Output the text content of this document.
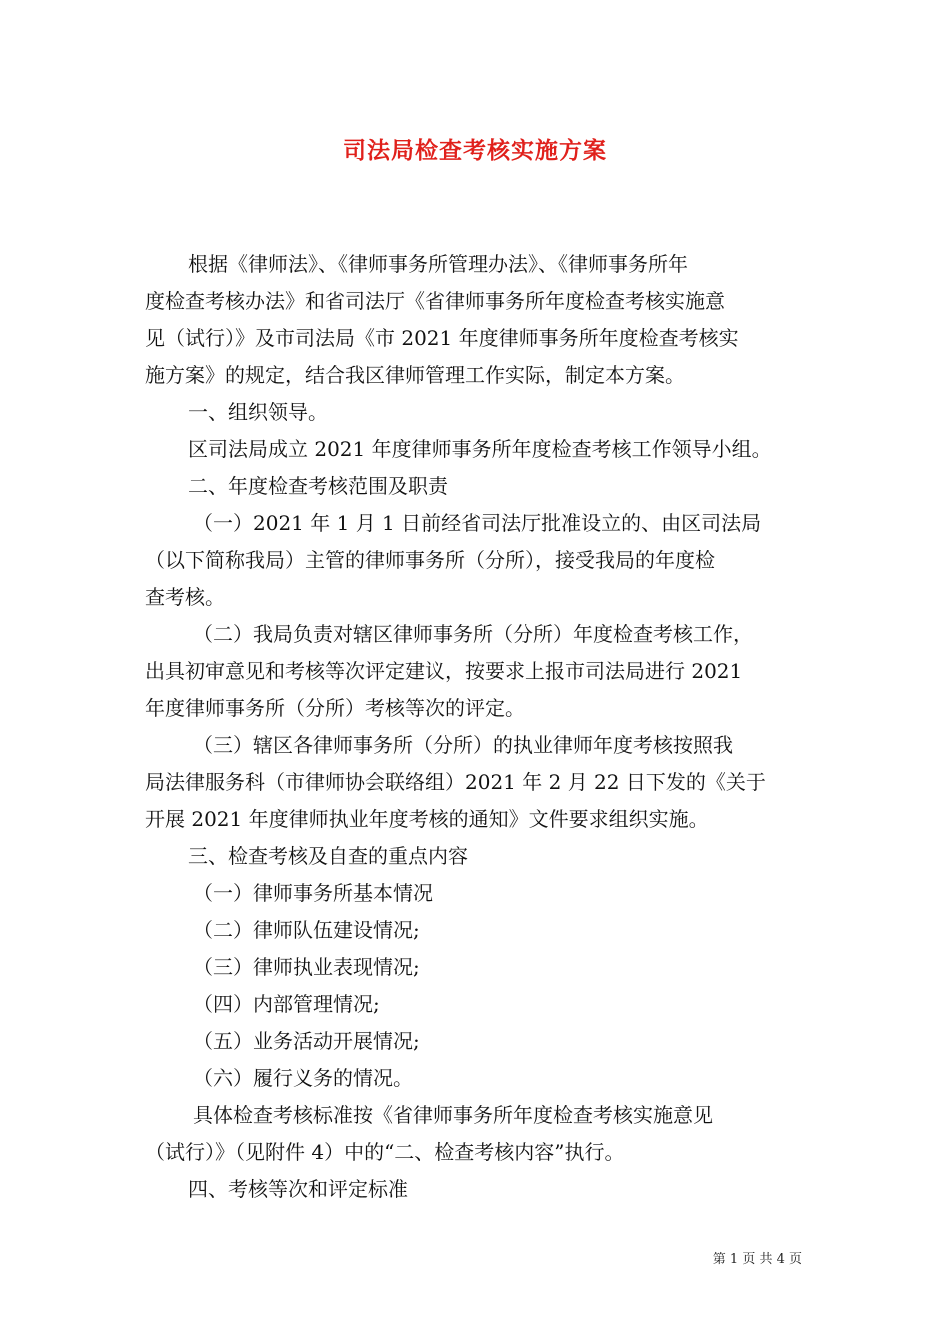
司法局检查考核实施方案
根据《律师法》、《律师事务所管理办法》、《律师事务所年
度检查考核办法》和省司法厅《省律师事务所年度检查考核实施意
见（试行）》及市司法局《市 2021 年度律师事务所年度检查考核实
施方案》的规定，结合我区律师管理工作实际，制定本方案。
一、组织领导。
区司法局成立 2021 年度律师事务所年度检查考核工作领导小组。
二、年度检查考核范围及职责
（一）2021 年 1 月 1 日前经省司法厅批准设立的、由区司法局
（以下简称我局）主管的律师事务所（分所），接受我局的年度检
查考核。
（二）我局负责对辖区律师事务所（分所）年度检查考核工作，
出具初审意见和考核等次评定建议，按要求上报市司法局进行 2021
年度律师事务所（分所）考核等次的评定。
（三）辖区各律师事务所（分所）的执业律师年度考核按照我
局法律服务科（市律师协会联络组）2021 年 2 月 22 日下发的《关于
开展 2021 年度律师执业年度考核的通知》文件要求组织实施。
三、检查考核及自查的重点内容
（一）律师事务所基本情况
（二）律师队伍建设情况;
（三）律师执业表现情况;
（四）内部管理情况;
（五）业务活动开展情况;
（六）履行义务的情况。
具体检查考核标准按《省律师事务所年度检查考核实施意见
（试行）》（见附件 4）中的“二、检查考核内容”执行。
四、考核等次和评定标准
第 1 页 共 4 页
